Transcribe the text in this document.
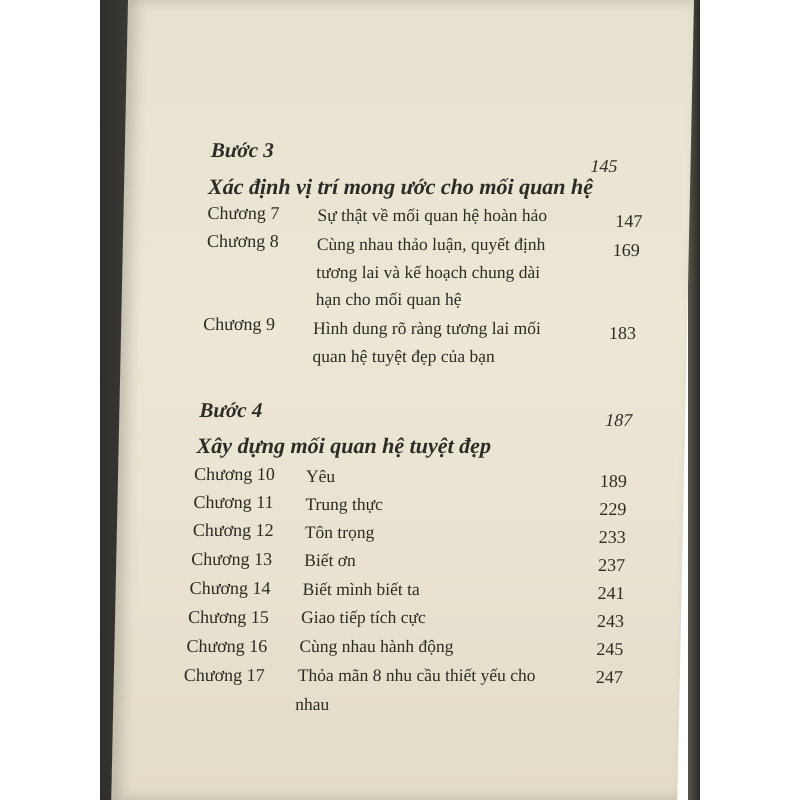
Bước 3
145
Xác định vị trí mong ước cho mối quan hệ
Chương 7 Sự thật về mối quan hệ hoàn hảo	147
Chương 8 Cùng nhau thảo luận, quyết định
tương lai và kế hoạch chung dài
hạn cho mối quan hệ
169
Chương 9 Hình dung rõ ràng tương lai mối
quan hệ tuyệt đẹp của bạn
183
Bước 4	187
Xây dựng mối quan hệ tuyệt đẹp
Chương 10 Yêu	189
Chương 11 Trung thực	229
Chương 12 Tôn trọng	233
Chương 13 Biết ơn	237
Chương 14 Biết mình biết ta	241
Chương 15 Giao tiếp tích cực	243
Chương 16 Cùng nhau hành động	245
Chương 17 Thỏa mãn 8 nhu cầu thiết yếu cho
nhau
247
